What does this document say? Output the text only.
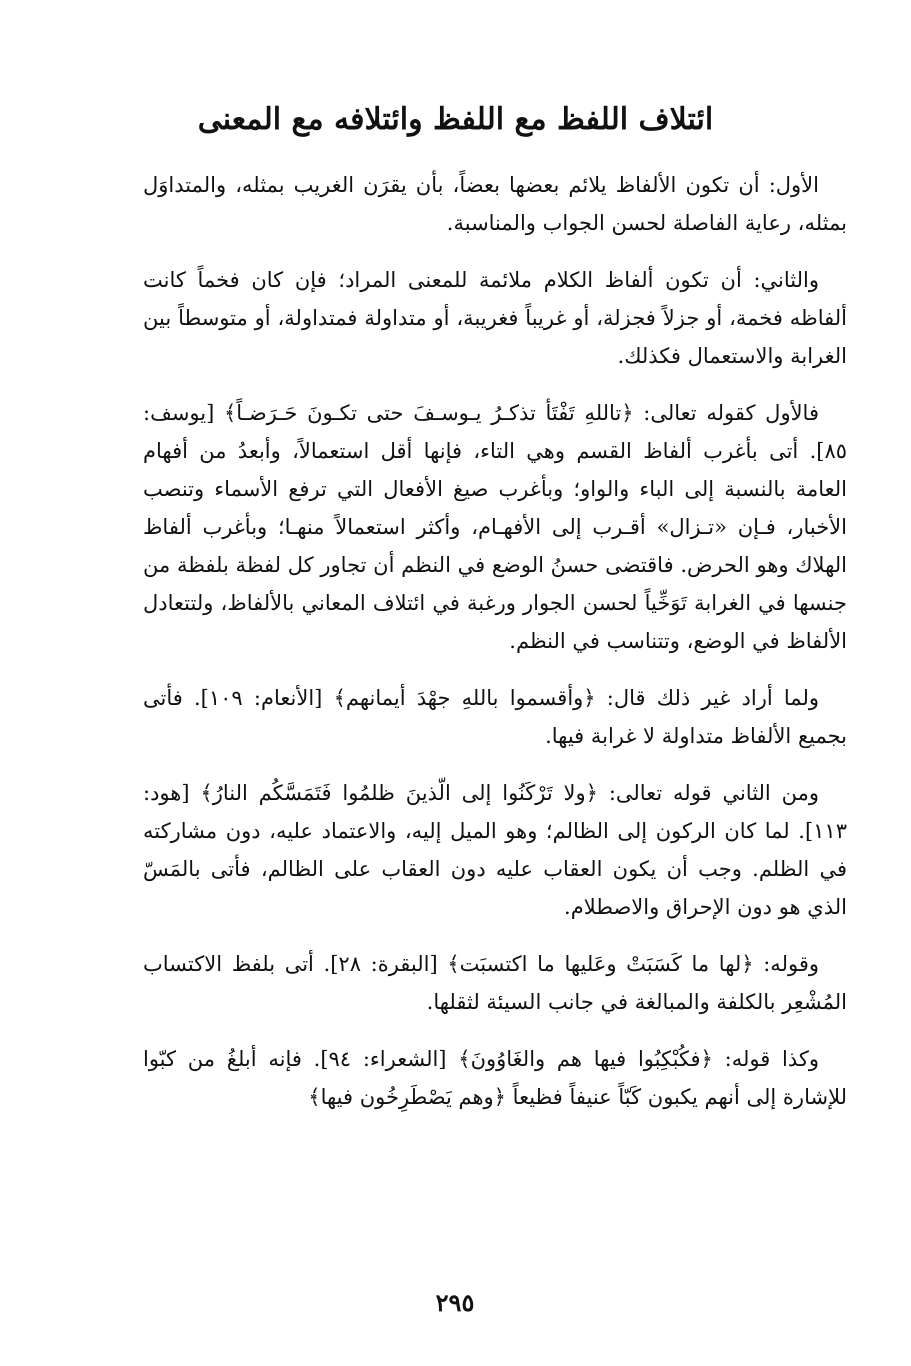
ائتلاف اللفظ مع اللفظ وائتلافه مع المعنى

الأول: أن تكون الألفاظ يلائم بعضها بعضاً، بأن يقرَن الغريب بمثله، والمتداوَل بمثله، رعاية الفاصلة لحسن الجواب والمناسبة.

والثاني: أن تكون ألفاظ الكلام ملائمة للمعنى المراد؛ فإن كان فخماً كانت ألفاظه فخمة، أو جزلاً فجزلة، أو غريباً فغريبة، أو متداولة فمتداولة، أو متوسطاً بين الغرابة والاستعمال فكذلك.

فالأول كقوله تعالى: ﴿تاللهِ تَفْتَأ تذكـرُ يـوسـفَ حتى تكـونَ حَـرَضـاً﴾ [يوسف: ٨٥]. أتى بأغرب ألفاظ القسم وهي التاء، فإنها أقل استعمالاً، وأبعدُ من أفهام العامة بالنسبة إلى الباء والواو؛ وبأغرب صيغ الأفعال التي ترفع الأسماء وتنصب الأخبار، فـإن «تـزال» أقـرب إلى الأفهـام، وأكثر استعمالاً منهـا؛ وبأغرب ألفاظ الهلاك وهو الحرض. فاقتضى حسنُ الوضع في النظم أن تجاور كل لفظة بلفظة من جنسها في الغرابة تَوَخِّياً لحسن الجوار ورغبة في ائتلاف المعاني بالألفاظ، ولتتعادل الألفاظ في الوضع، وتتناسب في النظم.

ولما أراد غير ذلك قال: ﴿وأقسموا باللهِ جهْدَ أيمانهم﴾ [الأنعام: ١٠٩]. فأتى بجميع الألفاظ متداولة لا غرابة فيها.

ومن الثاني قوله تعالى: ﴿ولا تَرْكَنُوا إلى الّذينَ ظلمُوا فَتَمَسَّكُم النارُ﴾ [هود: ١١٣]. لما كان الركون إلى الظالم؛ وهو الميل إليه، والاعتماد عليه، دون مشاركته في الظلم. وجب أن يكون العقاب عليه دون العقاب على الظالم، فأتى بالمَسّ الذي هو دون الإحراق والاصطلام.

وقوله: ﴿لها ما كَسَبَتْ وعَليها ما اكتسبَت﴾ [البقرة: ٢٨]. أتى بلفظ الاكتساب المُشْعِر بالكلفة والمبالغة في جانب السيئة لثقلها.

وكذا قوله: ﴿فكُبْكِبُوا فيها هم والغَاوُونَ﴾ [الشعراء: ٩٤]. فإنه أبلغُ من كبّوا للإشارة إلى أنهم يكبون كَبّاً عنيفاً فظيعاً ﴿وهم يَصْطَرِخُون فيها﴾

٢٩٥
